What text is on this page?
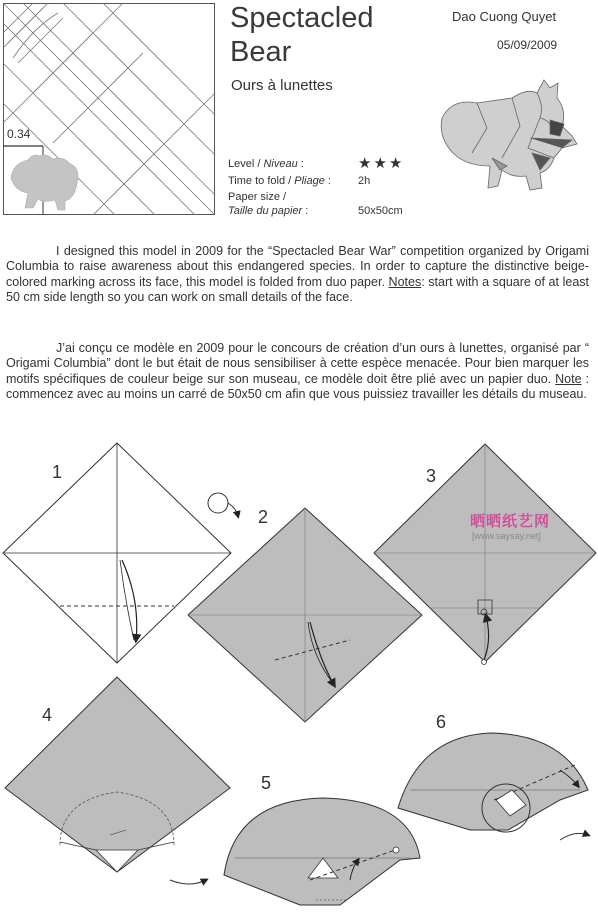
0.34
Spectacled
Bear
Ours à lunettes
Dao Cuong Quyet
05/09/2009
Level / Niveau :	★★★
Time to fold / Pliage : 2h
Paper size /
Taille du papier :	50x50cm

I designed this model in 2009 for the “Spectacled Bear War” competition organized by Origami Columbia to raise awareness about this endangered species. In order to capture the distinctive beige-colored marking across its face, this model is folded from duo paper. Notes: start with a square of at least 50 cm side length so you can work on small details of the face.

J’ai conçu ce modèle en 2009 pour le concours de création d’un ours à lunettes, organisé par “ Origami Columbia” dont le but était de nous sensibiliser à cette espèce menacée. Pour bien marquer les motifs spécifiques de couleur beige sur son museau, ce modèle doit être plié avec un papier duo. Note : commencez avec au moins un carré de 50x50 cm afin que vous puissiez travailler les détails du museau.

1
2
3
4
5
6
晒晒纸艺网
[www.saysay.net]
